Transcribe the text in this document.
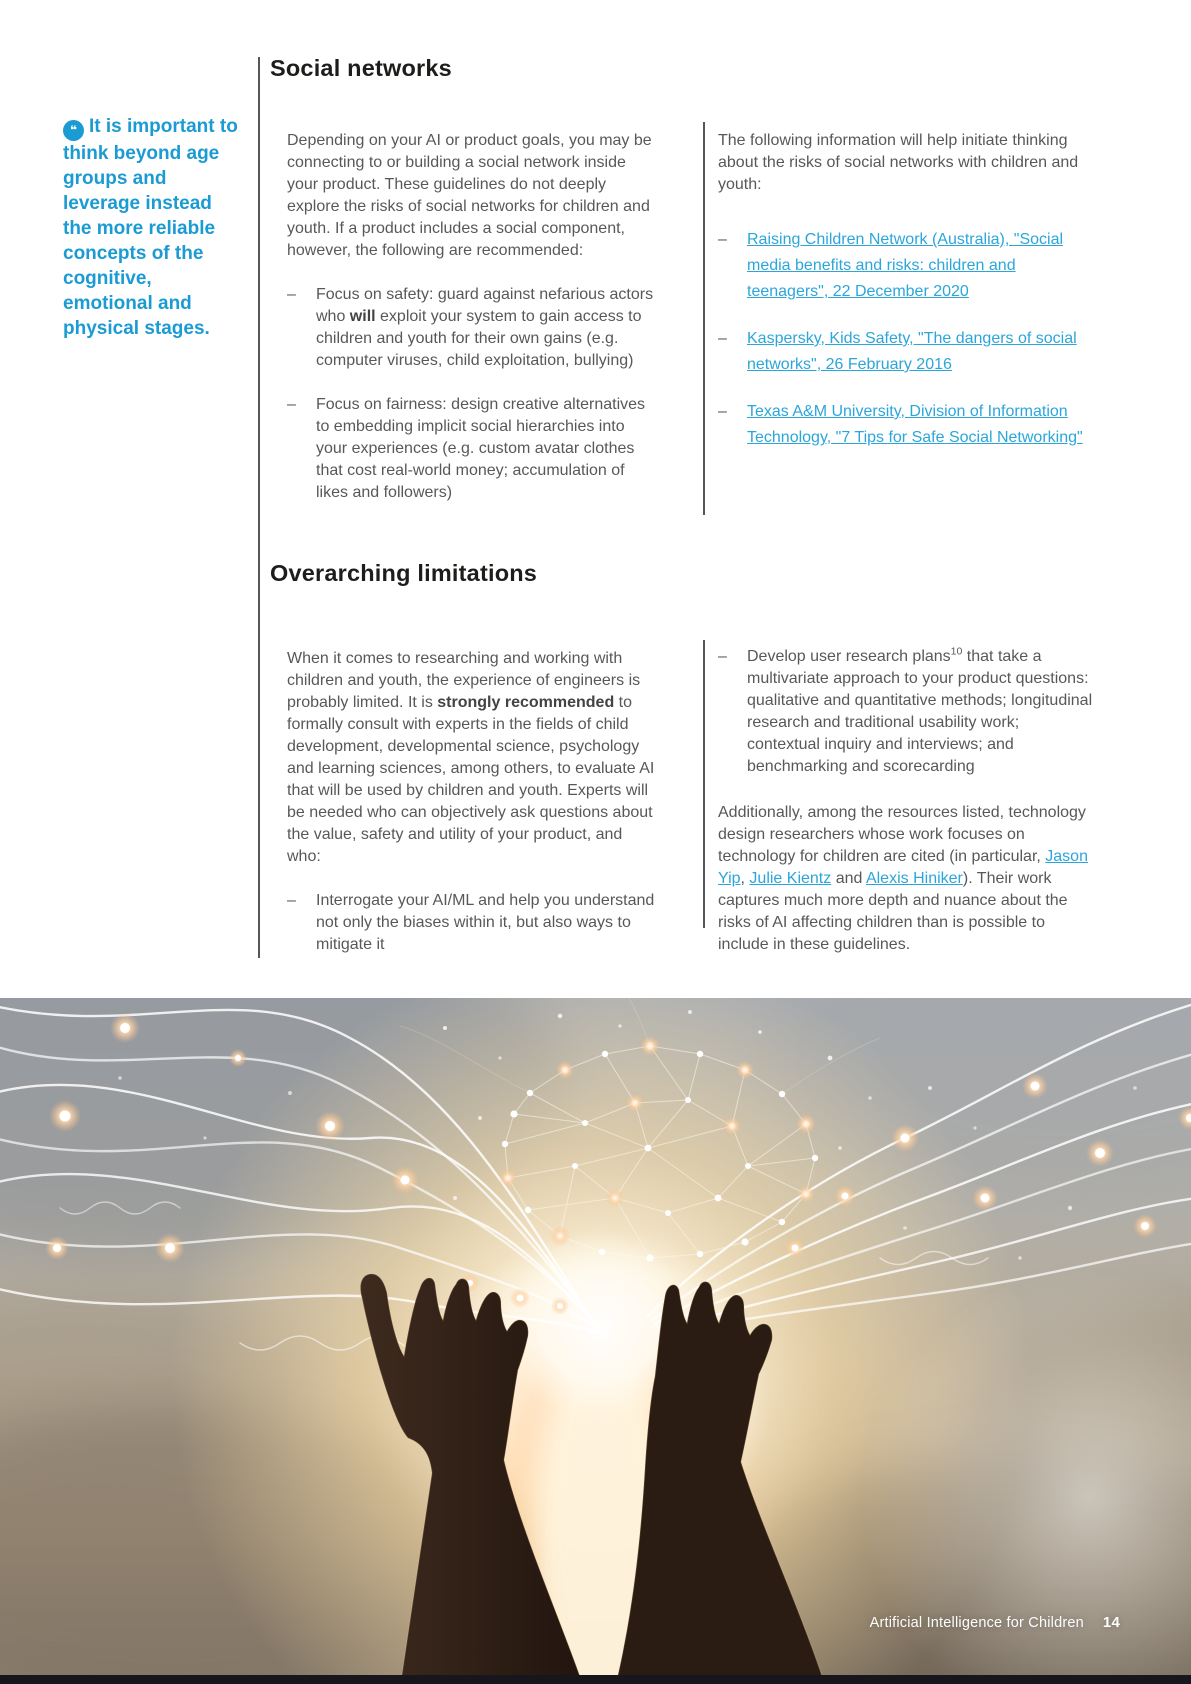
❝ It is important to think beyond age groups and leverage instead the more reliable concepts of the cognitive, emotional and physical stages.
Social networks

Depending on your AI or product goals, you may be connecting to or building a social network inside your product. These guidelines do not deeply explore the risks of social networks for children and youth. If a product includes a social component, however, the following are recommended:

–	Focus on safety: guard against nefarious actors who will exploit your system to gain access to children and youth for their own gains (e.g. computer viruses, child exploitation, bullying)
–	Focus on fairness: design creative alternatives to embedding implicit social hierarchies into your experiences (e.g. custom avatar clothes that cost real-world money; accumulation of likes and followers)

The following information will help initiate thinking about the risks of social networks with children and youth:

–	Raising Children Network (Australia), "Social media benefits and risks: children and teenagers", 22 December 2020
–	Kaspersky, Kids Safety, "The dangers of social networks", 26 February 2016
–	Texas A&M University, Division of Information Technology, "7 Tips for Safe Social Networking"
Overarching limitations

When it comes to researching and working with children and youth, the experience of engineers is probably limited. It is strongly recommended to formally consult with experts in the fields of child development, developmental science, psychology and learning sciences, among others, to evaluate AI that will be used by children and youth. Experts will be needed who can objectively ask questions about the value, safety and utility of your product, and who:

–	Interrogate your AI/ML and help you understand not only the biases within it, but also ways to mitigate it
–	Develop user research plans$^{10}$ that take a multivariate approach to your product questions: qualitative and quantitative methods; longitudinal research and traditional usability work; contextual inquiry and interviews; and benchmarking and scorecarding

Additionally, among the resources listed, technology design researchers whose work focuses on technology for children are cited (in particular, Jason Yip, Julie Kientz and Alexis Hiniker). Their work captures much more depth and nuance about the risks of AI affecting children than is possible to include in these guidelines.

Artificial Intelligence for Children 14
